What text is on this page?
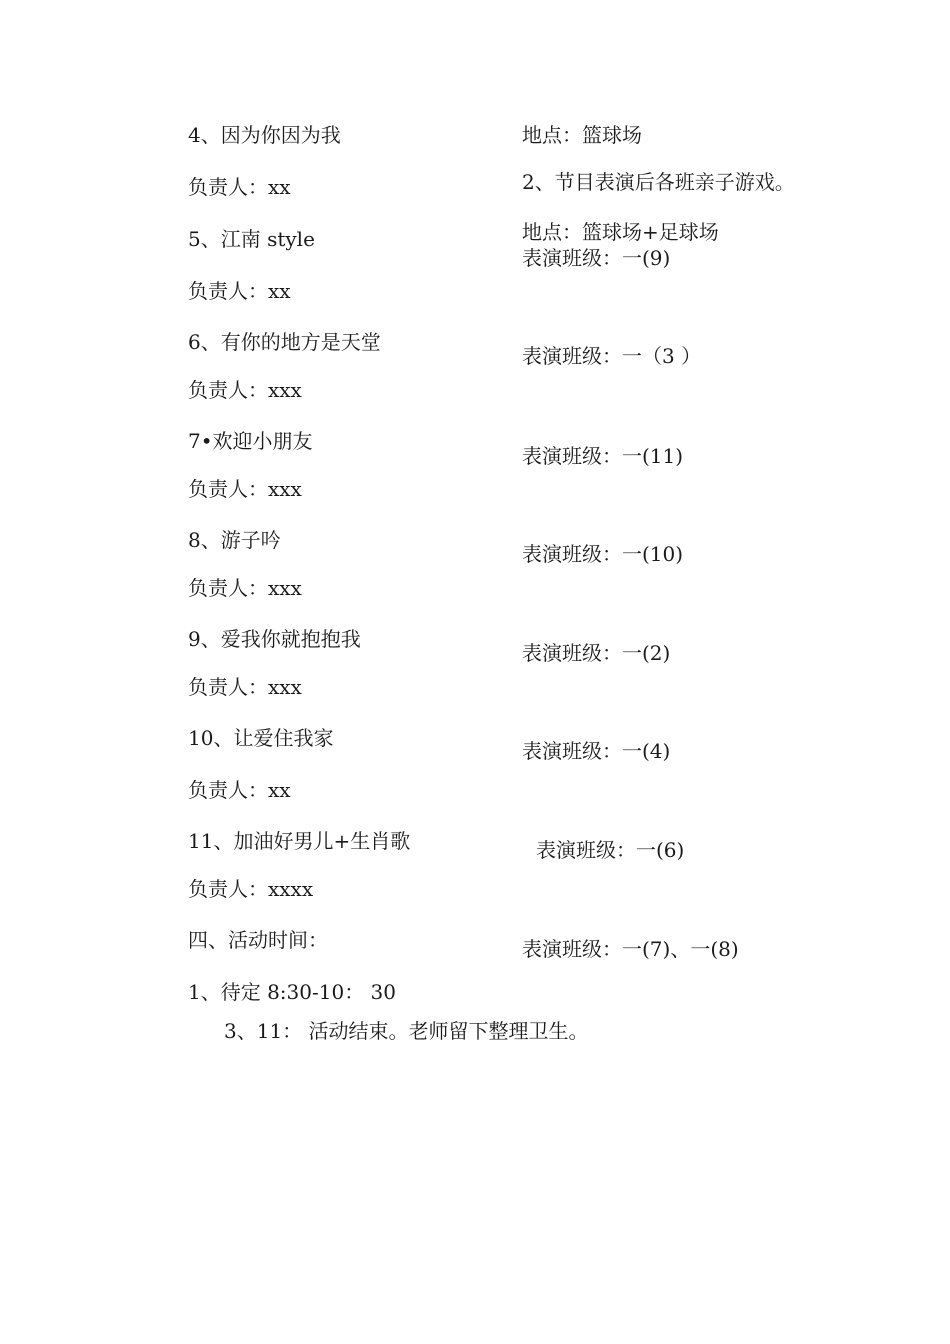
4、因为你因为我
负责人：xx
5、江南 style
负责人：xx
6、有你的地方是天堂
负责人：xxx
7•欢迎小朋友
负责人：xxx
8、游子吟
负责人：xxx
9、爱我你就抱抱我
负责人：xxx
10、让爱住我家
负责人：xx
11、加油好男儿+生肖歌
负责人：xxxx
四、活动时间：
1、待定 8:30-10： 30
地点：篮球场
2、节目表演后各班亲子游戏。
地点：篮球场+足球场
表演班级：一(9)
表演班级：一（3 ）
表演班级：一(11)
表演班级：一(10)
表演班级：一(2)
表演班级：一(4)
表演班级：一(6)
表演班级：一(7)、一(8)
3、11： 活动结束。老师留下整理卫生。
